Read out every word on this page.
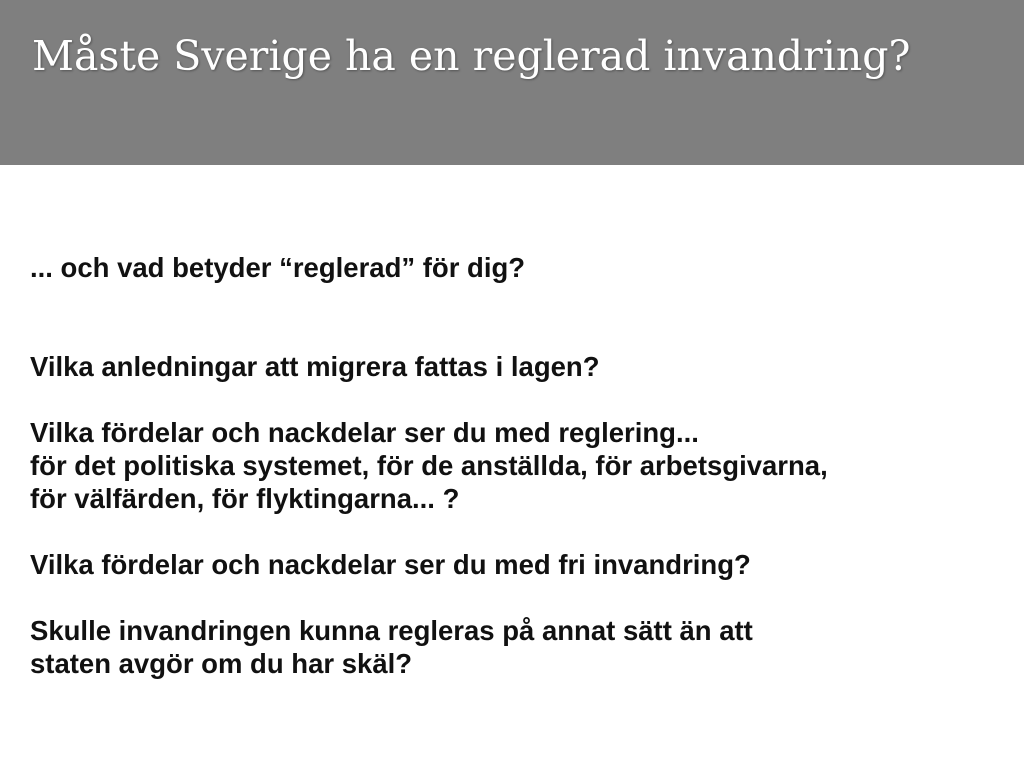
Måste Sverige ha en reglerad invandring?

... och vad betyder “reglerad” för dig?

Vilka anledningar att migrera fattas i lagen?

Vilka fördelar och nackdelar ser du med reglering...
för det politiska systemet, för de anställda, för arbetsgivarna,
för välfärden, för flyktingarna... ?

Vilka fördelar och nackdelar ser du med fri invandring?

Skulle invandringen kunna regleras på annat sätt än att
staten avgör om du har skäl?
